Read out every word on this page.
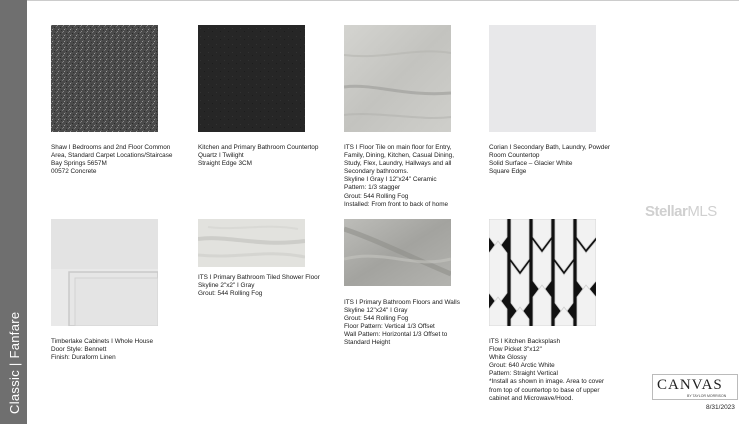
Classic | Fanfare
Shaw I Bedrooms and 2nd Floor Common
Area, Standard Carpet Locations/Staircase
Bay Springs 5657M
00572 Concrete
Kitchen and Primary Bathroom Countertop
Quartz I Twilight
Straight Edge 3CM
ITS I Floor Tile on main floor for Entry,
Family, Dining, Kitchen, Casual Dining,
Study, Flex, Laundry, Hallways and all
Secondary bathrooms.
Skyline I Gray I 12"x24" Ceramic
Pattern: 1/3 stagger
Grout: 544 Rolling Fog
Installed: From front to back of home
Corian I Secondary Bath, Laundry, Powder
Room Countertop
Solid Surface – Glacier White
Square Edge
Timberlake Cabinets I Whole House
Door Style: Bennett
Finish: Duraform Linen
ITS I Primary Bathroom Tiled Shower Floor
Skyline 2"x2" I Gray
Grout: 544 Rolling Fog
ITS I Primary Bathroom Floors and Walls
Skyline 12"x24" I Gray
Grout: 544 Rolling Fog
Floor Pattern: Vertical 1/3 Offset
Wall Pattern: Horizontal 1/3 Offset to
Standard Height	ITS I Kitchen Backsplash
Flow Picket 3"x12"
White Glossy
Grout: 640 Arctic White
Pattern: Straight Vertical
*Install as shown in image. Area to cover
from top of countertop to base of upper
cabinet and Microwave/Hood.
StellarMLS
CANVAS
BY TAYLOR MORRISON
8/31/2023
